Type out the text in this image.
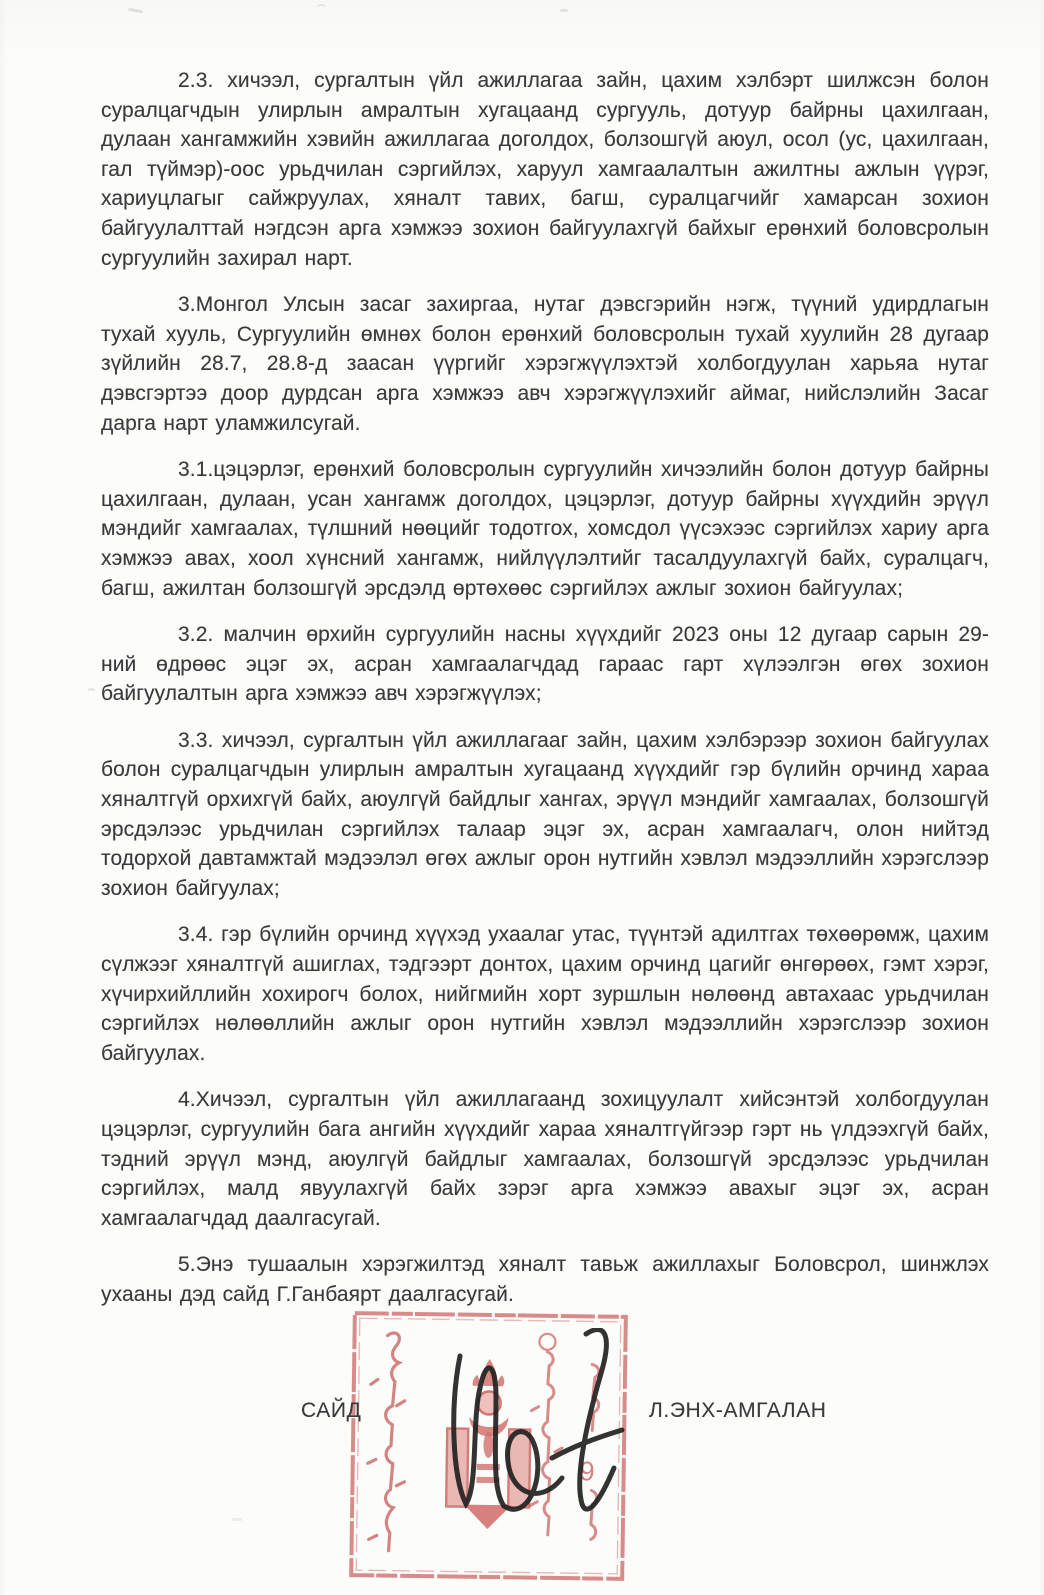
2.3. хичээл, сургалтын үйл ажиллагаа зайн, цахим хэлбэрт шилжсэн болон суралцагчдын улирлын амралтын хугацаанд сургууль, дотуур байрны цахилгаан, дулаан хангамжийн хэвийн ажиллагаа доголдох, болзошгүй аюул, осол (ус, цахилгаан, гал түймэр)-оос урьдчилан сэргийлэх, харуул хамгаалалтын ажилтны ажлын үүрэг, хариуцлагыг сайжруулах, хяналт тавих, багш, суралцагчийг хамарсан зохион байгуулалттай нэгдсэн арга хэмжээ зохион байгуулахгүй байхыг ерөнхий боловсролын сургуулийн захирал нарт.

3.Монгол Улсын засаг захиргаа, нутаг дэвсгэрийн нэгж, түүний удирдлагын тухай хууль, Сургуулийн өмнөх болон ерөнхий боловсролын тухай хуулийн 28 дугаар зүйлийн 28.7, 28.8-д заасан үүргийг хэрэгжүүлэхтэй холбогдуулан харьяа нутаг дэвсгэртээ доор дурдсан арга хэмжээ авч хэрэгжүүлэхийг аймаг, нийслэлийн Засаг дарга нарт уламжилсугай.

3.1.цэцэрлэг, ерөнхий боловсролын сургуулийн хичээлийн болон дотуур байрны цахилгаан, дулаан, усан хангамж доголдох, цэцэрлэг, дотуур байрны хүүхдийн эрүүл мэндийг хамгаалах, түлшний нөөцийг тодотгох, хомсдол үүсэхээс сэргийлэх хариу арга хэмжээ авах, хоол хүнсний хангамж, нийлүүлэлтийг тасалдуулахгүй байх, суралцагч, багш, ажилтан болзошгүй эрсдэлд өртөхөөс сэргийлэх ажлыг зохион байгуулах;

3.2. малчин өрхийн сургуулийн насны хүүхдийг 2023 оны 12 дугаар сарын 29-ний өдрөөс эцэг эх, асран хамгаалагчдад гараас гарт хүлээлгэн өгөх зохион байгуулалтын арга хэмжээ авч хэрэгжүүлэх;

3.3. хичээл, сургалтын үйл ажиллагааг зайн, цахим хэлбэрээр зохион байгуулах болон суралцагчдын улирлын амралтын хугацаанд хүүхдийг гэр бүлийн орчинд хараа хяналтгүй орхихгүй байх, аюулгүй байдлыг хангах, эрүүл мэндийг хамгаалах, болзошгүй эрсдэлээс урьдчилан сэргийлэх талаар эцэг эх, асран хамгаалагч, олон нийтэд тодорхой давтамжтай мэдээлэл өгөх ажлыг орон нутгийн хэвлэл мэдээллийн хэрэгслээр зохион байгуулах;

3.4. гэр бүлийн орчинд хүүхэд ухаалаг утас, түүнтэй адилтгах төхөөрөмж, цахим сүлжээг хяналтгүй ашиглах, тэдгээрт донтох, цахим орчинд цагийг өнгөрөөх, гэмт хэрэг, хүчирхийллийн хохирогч болох, нийгмийн хорт зуршлын нөлөөнд автахаас урьдчилан сэргийлэх нөлөөллийн ажлыг орон нутгийн хэвлэл мэдээллийн хэрэгслээр зохион байгуулах.

4.Хичээл, сургалтын үйл ажиллагаанд зохицуулалт хийсэнтэй холбогдуулан цэцэрлэг, сургуулийн бага ангийн хүүхдийг хараа хяналтгүйгээр гэрт нь үлдээхгүй байх, тэдний эрүүл мэнд, аюулгүй байдлыг хамгаалах, болзошгүй эрсдэлээс урьдчилан сэргийлэх, малд явуулахгүй байх зэрэг арга хэмжээ авахыг эцэг эх, асран хамгаалагчдад даалгасугай.

5.Энэ тушаалын хэрэгжилтэд хяналт тавьж ажиллахыг Боловсрол, шинжлэх ухааны дэд сайд Г.Ганбаярт даалгасугай.

САЙД	Л.ЭНХ-АМГАЛАН
9
